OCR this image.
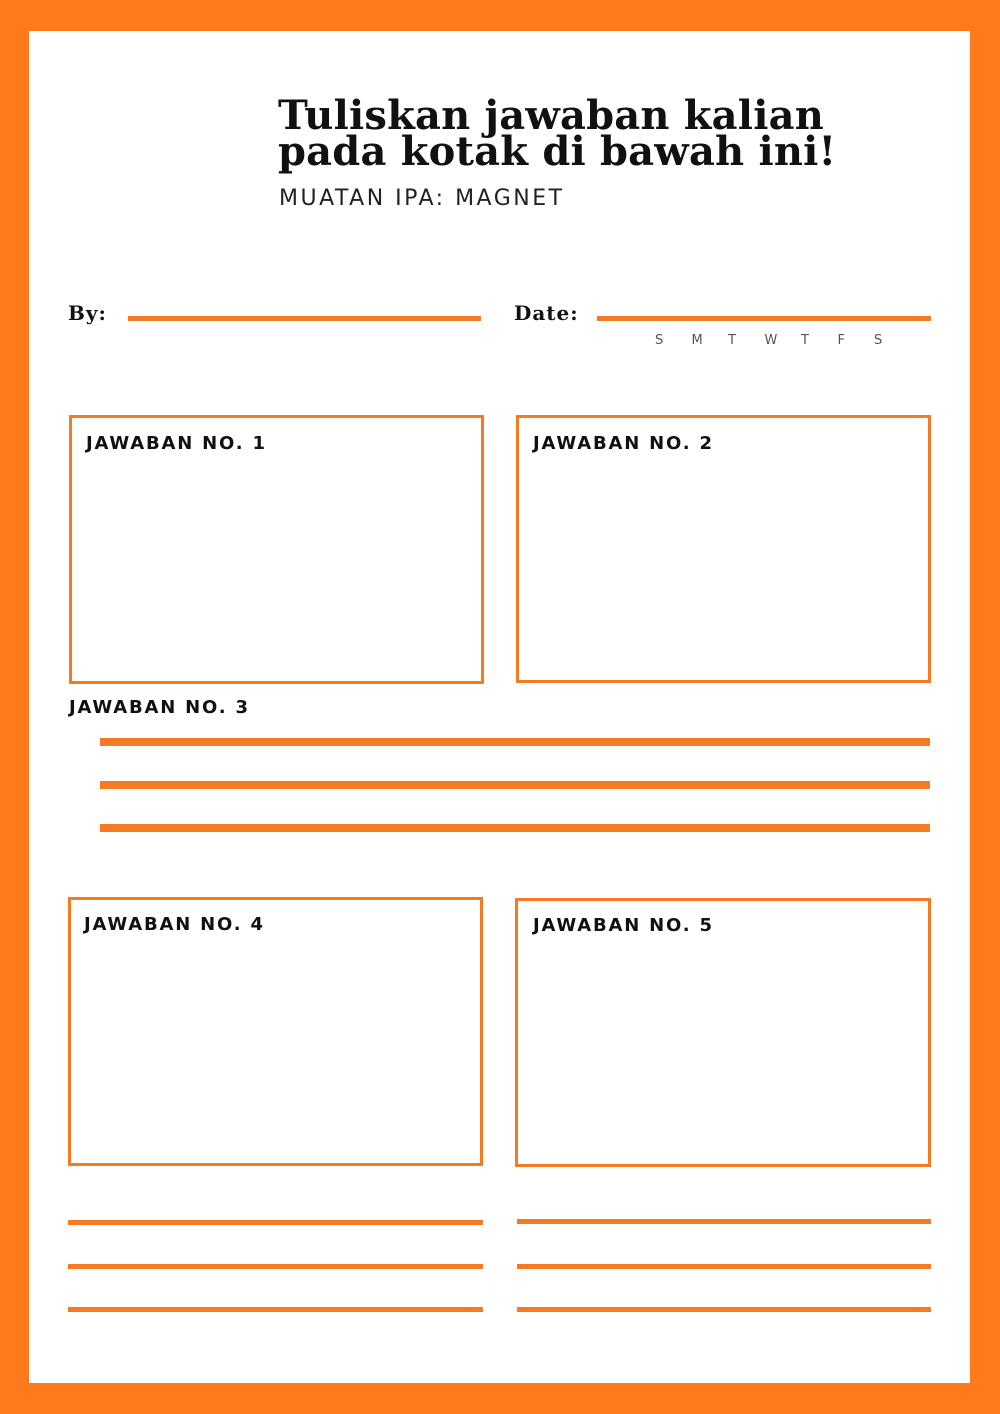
Tuliskan jawaban kalian pada kotak di bawah ini!
MUATAN IPA: MAGNET
By:	Date:
S	M	T	W	T	F	S
JAWABAN NO. 1	JAWABAN NO. 2
JAWABAN NO. 3
JAWABAN NO. 4	JAWABAN NO. 5
